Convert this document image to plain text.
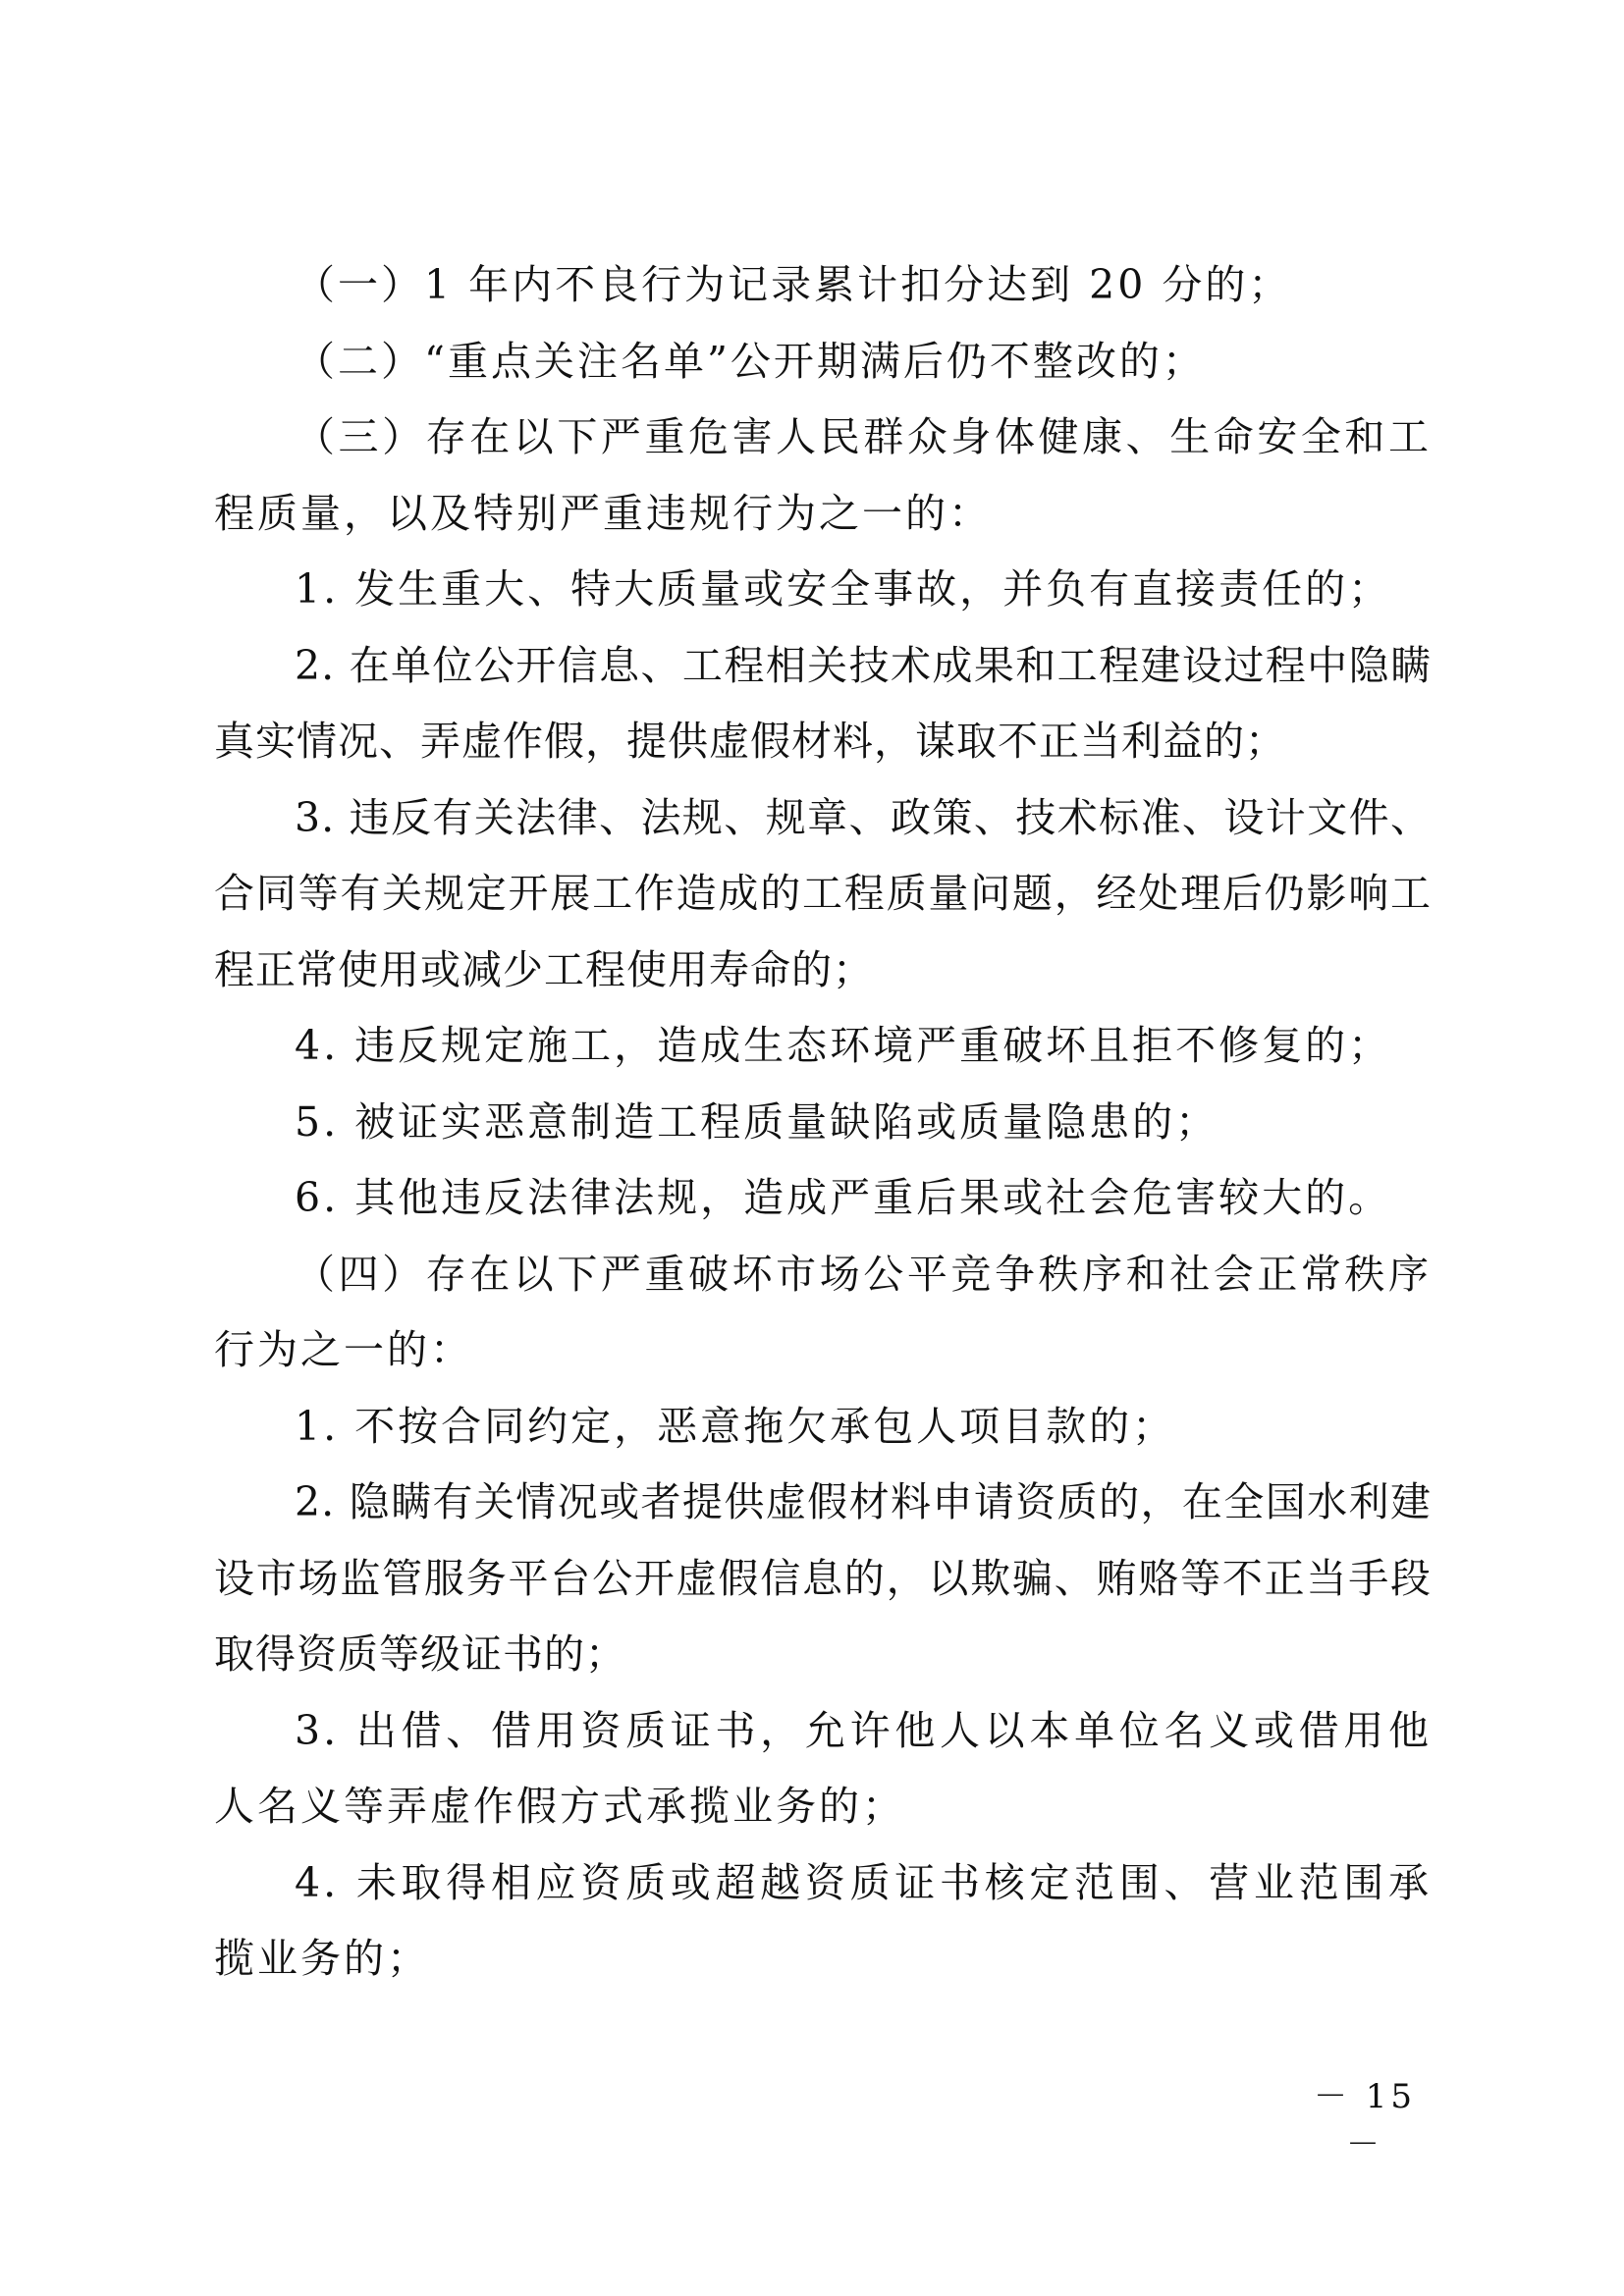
（一）1 年内不良行为记录累计扣分达到 20 分的；

（二）“重点关注名单”公开期满后仍不整改的；

（三）存在以下严重危害人民群众身体健康、生命安全和工程质量，以及特别严重违规行为之一的：

1. 发生重大、特大质量或安全事故，并负有直接责任的；

2. 在单位公开信息、工程相关技术成果和工程建设过程中隐瞒真实情况、弄虚作假，提供虚假材料，谋取不正当利益的；

3. 违反有关法律、法规、规章、政策、技术标准、设计文件、合同等有关规定开展工作造成的工程质量问题，经处理后仍影响工程正常使用或减少工程使用寿命的；

4. 违反规定施工，造成生态环境严重破坏且拒不修复的；

5. 被证实恶意制造工程质量缺陷或质量隐患的；

6. 其他违反法律法规，造成严重后果或社会危害较大的。

（四）存在以下严重破坏市场公平竞争秩序和社会正常秩序行为之一的：

1. 不按合同约定，恶意拖欠承包人项目款的；

2. 隐瞒有关情况或者提供虚假材料申请资质的，在全国水利建设市场监管服务平台公开虚假信息的，以欺骗、贿赂等不正当手段取得资质等级证书的；

3. 出借、借用资质证书，允许他人以本单位名义或借用他人名义等弄虚作假方式承揽业务的；

4. 未取得相应资质或超越资质证书核定范围、营业范围承揽业务的；

－ 15 －
